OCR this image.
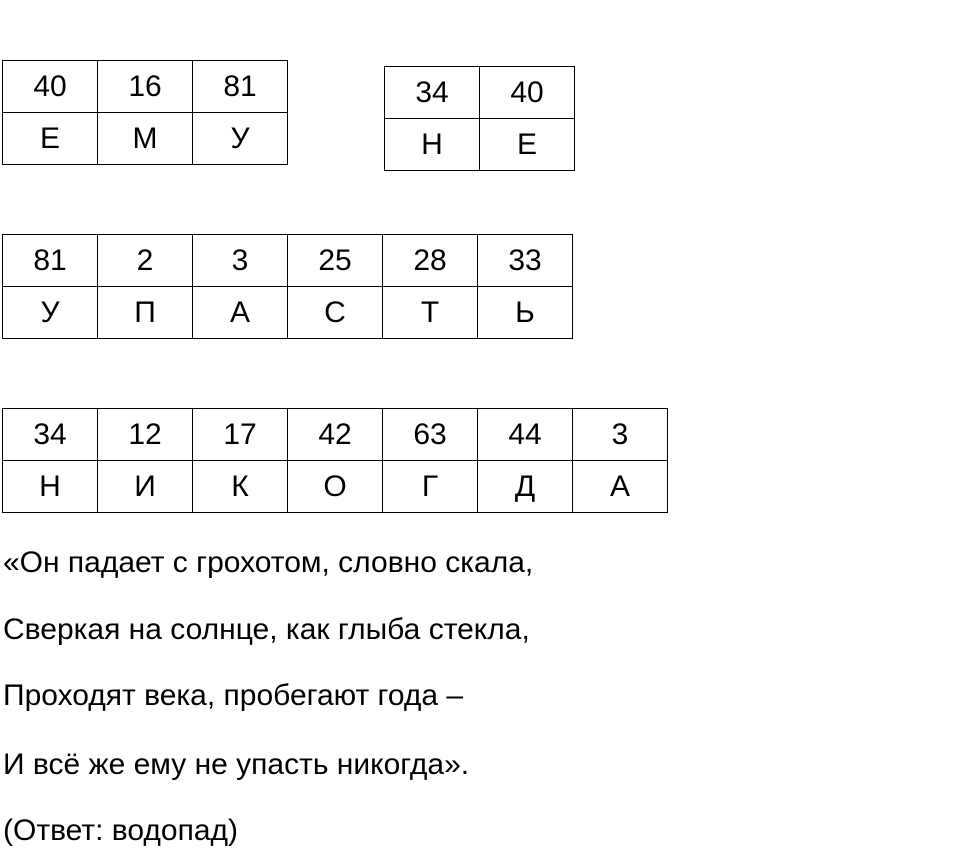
40	16	81
Е	М	У
34	40
Н	Е
81	2	3	25	28	33
У	П	А	С	Т	Ь
34	12	17	42	63	44	3
Н	И	К	О	Г	Д	А

«Он падает с грохотом, словно скала,

Сверкая на солнце, как глыба стекла,

Проходят века, пробегают года –

И всё же ему не упасть никогда».

(Ответ: водопад)
